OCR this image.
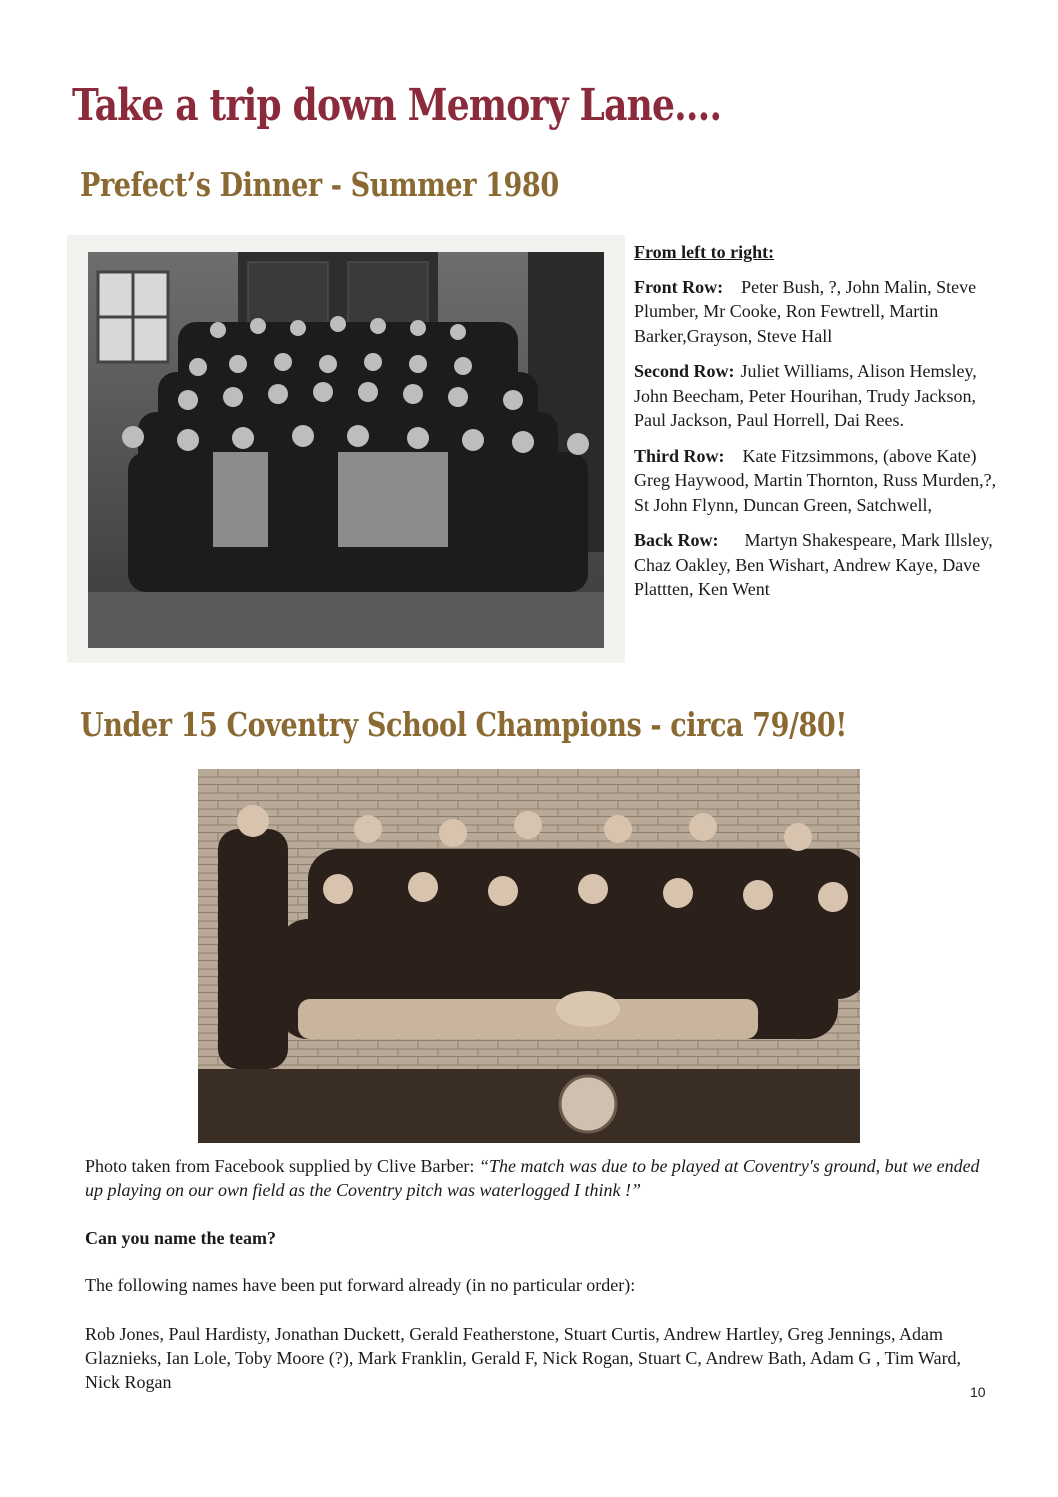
Take a trip down Memory Lane….
Prefect’s Dinner - Summer 1980

From left to right:

Front Row: Peter Bush, ?, John Malin, Steve Plumber, Mr Cooke, Ron Fewtrell, Martin Barker,Grayson, Steve Hall

Second Row: Juliet Williams, Alison Hemsley, John Beecham, Peter Hourihan, Trudy Jackson, Paul Jackson, Paul Horrell, Dai Rees.

Third Row: Kate Fitzsimmons, (above Kate) Greg Haywood, Martin Thornton, Russ Murden,?, St John Flynn, Duncan Green, Satchwell,

Back Row: Martyn Shakespeare, Mark Illsley, Chaz Oakley, Ben Wishart, Andrew Kaye, Dave Plattten, Ken Went

Under 15 Coventry School Champions - circa 79/80!

Photo taken from Facebook supplied by Clive Barber: “The match was due to be played at Coventry's ground, but we ended up playing on our own field as the Coventry pitch was waterlogged I think !”

Can you name the team?

The following names have been put forward already (in no particular order):

Rob Jones, Paul Hardisty, Jonathan Duckett, Gerald Featherstone, Stuart Curtis, Andrew Hartley, Greg Jennings, Adam Glaznieks, Ian Lole, Toby Moore (?), Mark Franklin, Gerald F, Nick Rogan, Stuart C, Andrew Bath, Adam G , Tim Ward, Nick Rogan	10
